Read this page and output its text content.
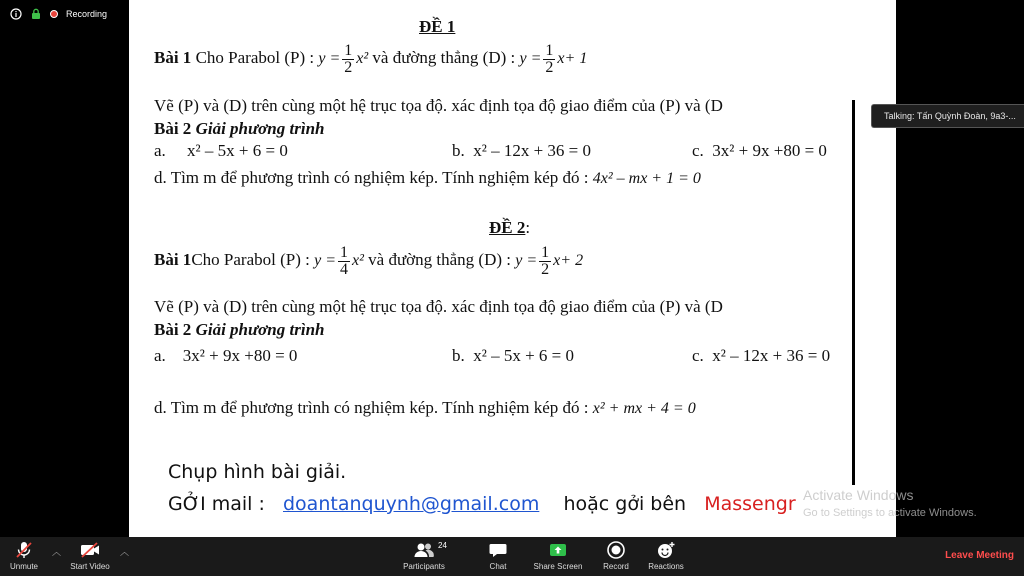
Recording
ĐỀ 1
Bài 1 Cho Parabol (P) : $y = \frac{1}{2} x^2$ và đường thẳng (D) : $y = \frac{1}{2} x+ 1$
Vẽ (P) và (D) trên cùng một hệ trục tọa độ. xác định tọa độ giao điểm của (P) và (D
Bài 2 Giải phương trình
a. x² – 5x + 6 = 0	b. x² – 12x + 36 = 0	c. 3x² + 9x +80 = 0
d. Tìm m để phương trình có nghiệm kép. Tính nghiệm kép đó : 4x² – mx + 1 = 0
ĐỀ 2:
Bài 1Cho Parabol (P) : $y = \frac{1}{4} x^2$ và đường thẳng (D) : $y = \frac{1}{2} x+ 2$
Vẽ (P) và (D) trên cùng một hệ trục tọa độ. xác định tọa độ giao điểm của (P) và (D
Bài 2 Giải phương trình
a. 3x² + 9x +80 = 0	b. x² – 5x + 6 = 0	c. x² – 12x + 36 = 0
d. Tìm m để phương trình có nghiệm kép. Tính nghiệm kép đó : x² + mx + 4 = 0
Chụp hình bài giải.
GỞI mail : doantanquynh@gmail.com hoặc gởi bên Massengr Activate Windows
Go to Settings to activate Windows.
Talking: Tấn Quỳnh Đoàn, 9a3-...
Unmute
︿
Start Video
︿
Participants
24
Chat	Share Screen	Record	Reactions
Leave Meeting
